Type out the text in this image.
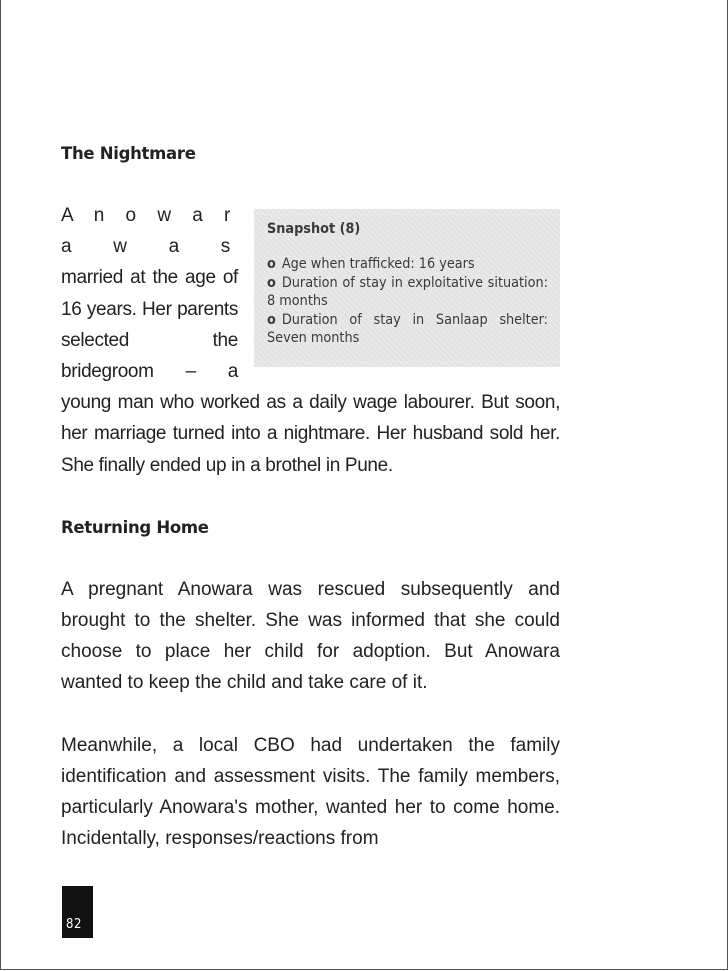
The Nightmare
Snapshot (8)
o Age when trafficked: 16 years
o Duration of stay in exploitative situation: 8 months
o Duration of stay in Sanlaap shelter: Seven months

A n o w a r a w a s married at the age of 16 years. Her parents selected the bridegroom – a young man who worked as a daily wage labourer. But soon, her marriage turned into a nightmare. Her husband sold her. She finally ended up in a brothel in Pune.

Returning Home

A pregnant Anowara was rescued subsequently and brought to the shelter. She was informed that she could choose to place her child for adoption. But Anowara wanted to keep the child and take care of it.

Meanwhile, a local CBO had undertaken the family identification and assessment visits. The family members, particularly Anowara's mother, wanted her to come home. Incidentally, responses/reactions from

82
